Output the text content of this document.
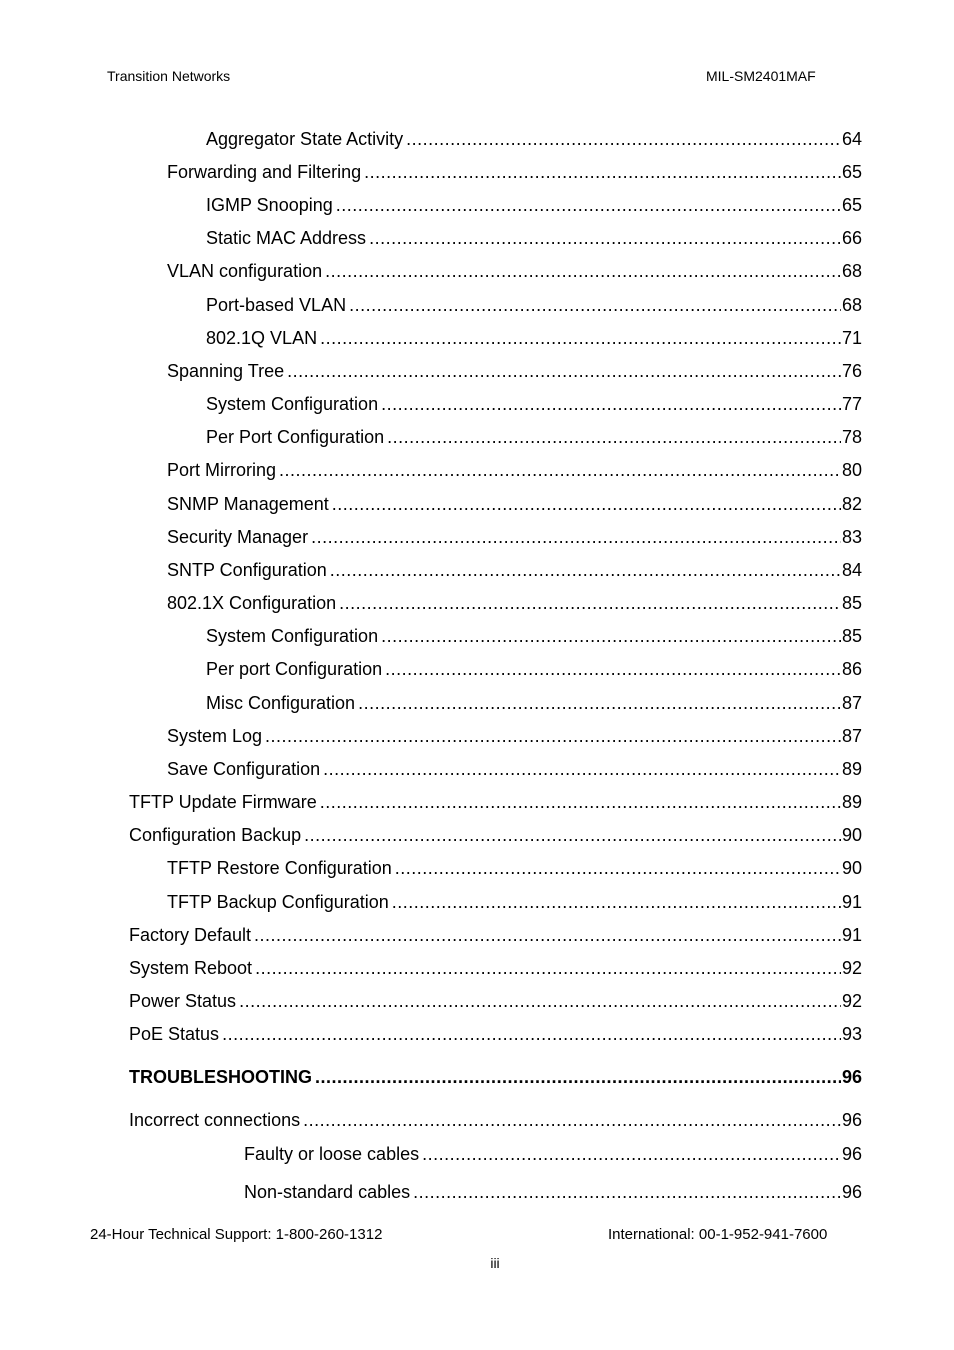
Transition Networks	MIL-SM2401MAF
Aggregator State Activity .....	64
Forwarding and Filtering .....	65
IGMP Snooping .....	65
Static MAC Address .....	66
VLAN configuration .....	68
Port-based VLAN .....	68
802.1Q VLAN .....	71
Spanning Tree .....	76
System Configuration .....	77
Per Port Configuration .....	78
Port Mirroring .....	80
SNMP Management .....	82
Security Manager .....	83
SNTP Configuration .....	84
802.1X Configuration .....	85
System Configuration .....	85
Per port Configuration .....	86
Misc Configuration .....	87
System Log .....	87
Save Configuration .....	89
TFTP Update Firmware .....	89
Configuration Backup .....	90
TFTP Restore Configuration .....	90
TFTP Backup Configuration .....	91
Factory Default .....	91
System Reboot .....	92
Power Status .....	92
PoE Status .....	93
TROUBLESHOOTING .....	96
Incorrect connections .....	96
Faulty or loose cables .....	96
Non-standard cables .....	96
24-Hour Technical Support: 1-800-260-1312	International: 00-1-952-941-7600
iii
